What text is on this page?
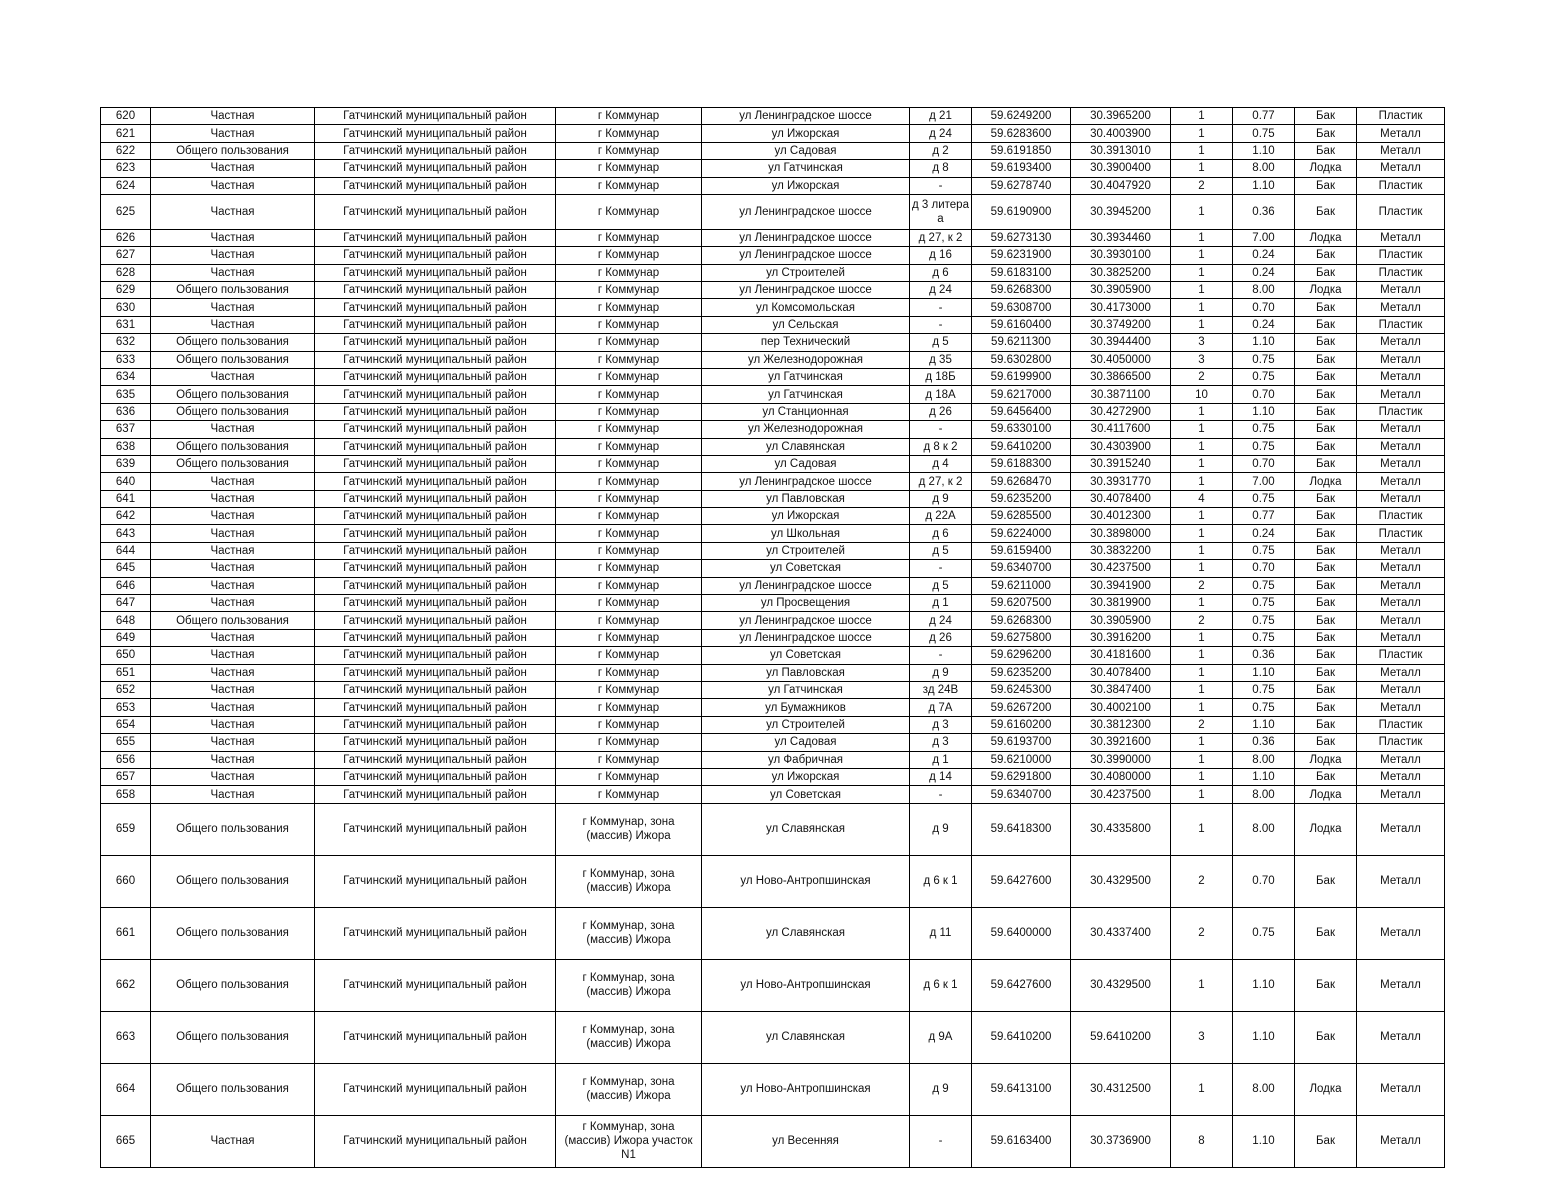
620	Частная	Гатчинский муниципальный район	г Коммунар	ул Ленинградское шоссе	д 21	59.6249200	30.3965200	1	0.77	Бак	Пластик
621	Частная	Гатчинский муниципальный район	г Коммунар	ул Ижорская	д 24	59.6283600	30.4003900	1	0.75	Бак	Металл
622	Общего пользования	Гатчинский муниципальный район	г Коммунар	ул Садовая	д 2	59.6191850	30.3913010	1	1.10	Бак	Металл
623	Частная	Гатчинский муниципальный район	г Коммунар	ул Гатчинская	д 8	59.6193400	30.3900400	1	8.00	Лодка	Металл
624	Частная	Гатчинский муниципальный район	г Коммунар	ул Ижорская	-	59.6278740	30.4047920	2	1.10	Бак	Пластик
625	Частная	Гатчинский муниципальный район	г Коммунар	ул Ленинградское шоссе	д 3 литера а	59.6190900	30.3945200	1	0.36	Бак	Пластик
626	Частная	Гатчинский муниципальный район	г Коммунар	ул Ленинградское шоссе	д 27, к 2	59.6273130	30.3934460	1	7.00	Лодка	Металл
627	Частная	Гатчинский муниципальный район	г Коммунар	ул Ленинградское шоссе	д 16	59.6231900	30.3930100	1	0.24	Бак	Пластик
628	Частная	Гатчинский муниципальный район	г Коммунар	ул Строителей	д 6	59.6183100	30.3825200	1	0.24	Бак	Пластик
629	Общего пользования	Гатчинский муниципальный район	г Коммунар	ул Ленинградское шоссе	д 24	59.6268300	30.3905900	1	8.00	Лодка	Металл
630	Частная	Гатчинский муниципальный район	г Коммунар	ул Комсомольская	-	59.6308700	30.4173000	1	0.70	Бак	Металл
631	Частная	Гатчинский муниципальный район	г Коммунар	ул Сельская	-	59.6160400	30.3749200	1	0.24	Бак	Пластик
632	Общего пользования	Гатчинский муниципальный район	г Коммунар	пер Технический	д 5	59.6211300	30.3944400	3	1.10	Бак	Металл
633	Общего пользования	Гатчинский муниципальный район	г Коммунар	ул Железнодорожная	д 35	59.6302800	30.4050000	3	0.75	Бак	Металл
634	Частная	Гатчинский муниципальный район	г Коммунар	ул Гатчинская	д 18Б	59.6199900	30.3866500	2	0.75	Бак	Металл
635	Общего пользования	Гатчинский муниципальный район	г Коммунар	ул Гатчинская	д 18А	59.6217000	30.3871100	10	0.70	Бак	Металл
636	Общего пользования	Гатчинский муниципальный район	г Коммунар	ул Станционная	д 26	59.6456400	30.4272900	1	1.10	Бак	Пластик
637	Частная	Гатчинский муниципальный район	г Коммунар	ул Железнодорожная	-	59.6330100	30.4117600	1	0.75	Бак	Металл
638	Общего пользования	Гатчинский муниципальный район	г Коммунар	ул Славянская	д 8 к 2	59.6410200	30.4303900	1	0.75	Бак	Металл
639	Общего пользования	Гатчинский муниципальный район	г Коммунар	ул Садовая	д 4	59.6188300	30.3915240	1	0.70	Бак	Металл
640	Частная	Гатчинский муниципальный район	г Коммунар	ул Ленинградское шоссе	д 27, к 2	59.6268470	30.3931770	1	7.00	Лодка	Металл
641	Частная	Гатчинский муниципальный район	г Коммунар	ул Павловская	д 9	59.6235200	30.4078400	4	0.75	Бак	Металл
642	Частная	Гатчинский муниципальный район	г Коммунар	ул Ижорская	д 22А	59.6285500	30.4012300	1	0.77	Бак	Пластик
643	Частная	Гатчинский муниципальный район	г Коммунар	ул Школьная	д 6	59.6224000	30.3898000	1	0.24	Бак	Пластик
644	Частная	Гатчинский муниципальный район	г Коммунар	ул Строителей	д 5	59.6159400	30.3832200	1	0.75	Бак	Металл
645	Частная	Гатчинский муниципальный район	г Коммунар	ул Советская	-	59.6340700	30.4237500	1	0.70	Бак	Металл
646	Частная	Гатчинский муниципальный район	г Коммунар	ул Ленинградское шоссе	д 5	59.6211000	30.3941900	2	0.75	Бак	Металл
647	Частная	Гатчинский муниципальный район	г Коммунар	ул Просвещения	д 1	59.6207500	30.3819900	1	0.75	Бак	Металл
648	Общего пользования	Гатчинский муниципальный район	г Коммунар	ул Ленинградское шоссе	д 24	59.6268300	30.3905900	2	0.75	Бак	Металл
649	Частная	Гатчинский муниципальный район	г Коммунар	ул Ленинградское шоссе	д 26	59.6275800	30.3916200	1	0.75	Бак	Металл
650	Частная	Гатчинский муниципальный район	г Коммунар	ул Советская	-	59.6296200	30.4181600	1	0.36	Бак	Пластик
651	Частная	Гатчинский муниципальный район	г Коммунар	ул Павловская	д 9	59.6235200	30.4078400	1	1.10	Бак	Металл
652	Частная	Гатчинский муниципальный район	г Коммунар	ул Гатчинская	зд 24В	59.6245300	30.3847400	1	0.75	Бак	Металл
653	Частная	Гатчинский муниципальный район	г Коммунар	ул Бумажников	д 7А	59.6267200	30.4002100	1	0.75	Бак	Металл
654	Частная	Гатчинский муниципальный район	г Коммунар	ул Строителей	д 3	59.6160200	30.3812300	2	1.10	Бак	Пластик
655	Частная	Гатчинский муниципальный район	г Коммунар	ул Садовая	д 3	59.6193700	30.3921600	1	0.36	Бак	Пластик
656	Частная	Гатчинский муниципальный район	г Коммунар	ул Фабричная	д 1	59.6210000	30.3990000	1	8.00	Лодка	Металл
657	Частная	Гатчинский муниципальный район	г Коммунар	ул Ижорская	д 14	59.6291800	30.4080000	1	1.10	Бак	Металл
658	Частная	Гатчинский муниципальный район	г Коммунар	ул Советская	-	59.6340700	30.4237500	1	8.00	Лодка	Металл
659	Общего пользования	Гатчинский муниципальный район	г Коммунар, зона (массив) Ижора	ул Славянская	д 9	59.6418300	30.4335800	1	8.00	Лодка	Металл
660	Общего пользования	Гатчинский муниципальный район	г Коммунар, зона (массив) Ижора	ул Ново-Антропшинская	д 6 к 1	59.6427600	30.4329500	2	0.70	Бак	Металл
661	Общего пользования	Гатчинский муниципальный район	г Коммунар, зона (массив) Ижора	ул Славянская	д 11	59.6400000	30.4337400	2	0.75	Бак	Металл
662	Общего пользования	Гатчинский муниципальный район	г Коммунар, зона (массив) Ижора	ул Ново-Антропшинская	д 6 к 1	59.6427600	30.4329500	1	1.10	Бак	Металл
663	Общего пользования	Гатчинский муниципальный район	г Коммунар, зона (массив) Ижора	ул Славянская	д 9А	59.6410200	59.6410200	3	1.10	Бак	Металл
664	Общего пользования	Гатчинский муниципальный район	г Коммунар, зона (массив) Ижора	ул Ново-Антропшинская	д 9	59.6413100	30.4312500	1	8.00	Лодка	Металл
665	Частная	Гатчинский муниципальный район	г Коммунар, зона (массив) Ижора участок N1	ул Весенняя	-	59.6163400	30.3736900	8	1.10	Бак	Металл
